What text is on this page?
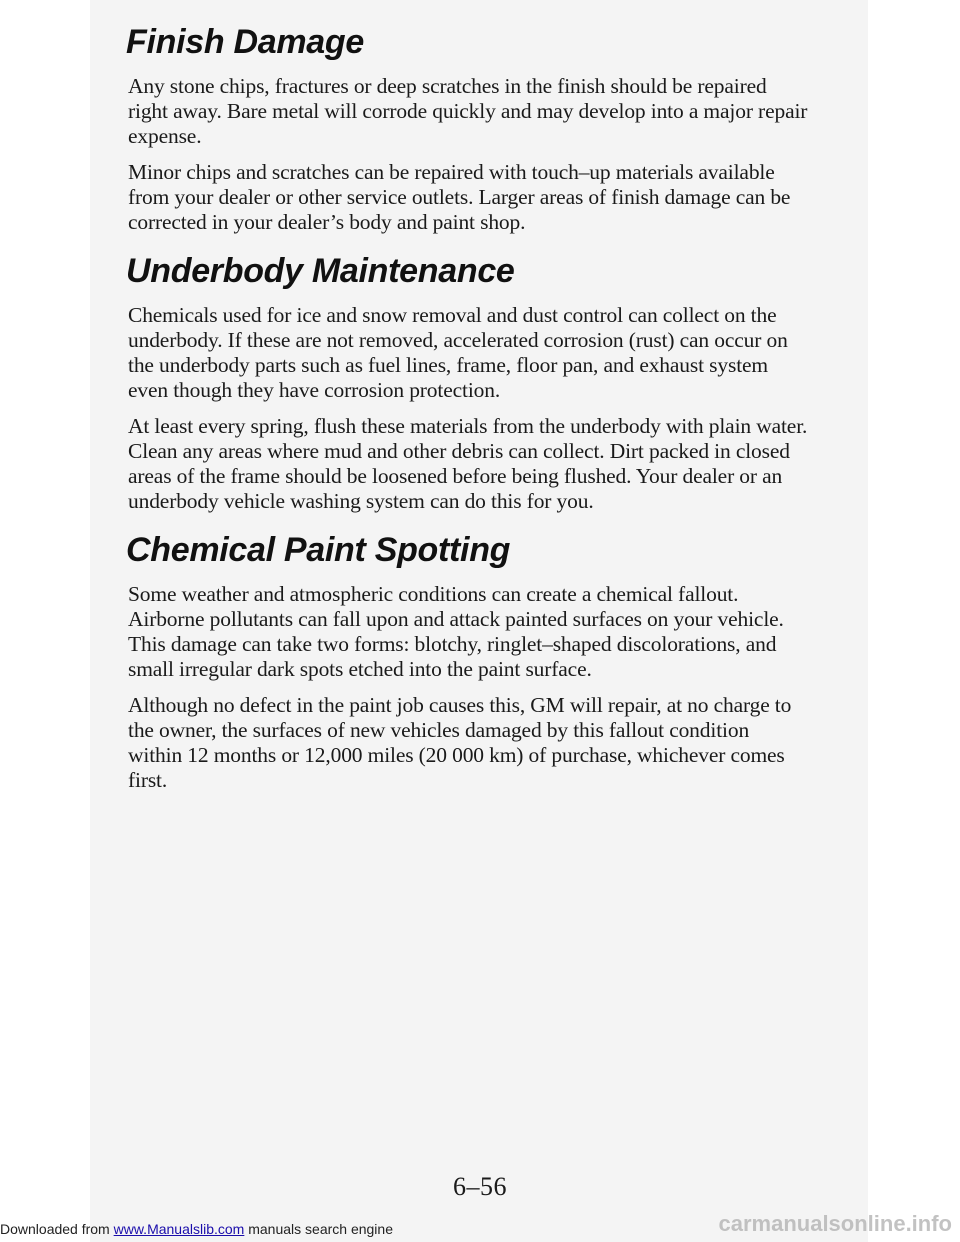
Finish Damage

Any stone chips, fractures or deep scratches in the finish should be repaired right away. Bare metal will corrode quickly and may develop into a major repair expense.

Minor chips and scratches can be repaired with touch–up materials available from your dealer or other service outlets. Larger areas of finish damage can be corrected in your dealer’s body and paint shop.

Underbody Maintenance

Chemicals used for ice and snow removal and dust control can collect on the underbody. If these are not removed, accelerated corrosion (rust) can occur on the underbody parts such as fuel lines, frame, floor pan, and exhaust system even though they have corrosion protection.

At least every spring, flush these materials from the underbody with plain water. Clean any areas where mud and other debris can collect. Dirt packed in closed areas of the frame should be loosened before being flushed. Your dealer or an underbody vehicle washing system can do this for you.

Chemical Paint Spotting

Some weather and atmospheric conditions can create a chemical fallout. Airborne pollutants can fall upon and attack painted surfaces on your vehicle. This damage can take two forms: blotchy, ringlet–shaped discolorations, and small irregular dark spots etched into the paint surface.

Although no defect in the paint job causes this, GM will repair, at no charge to the owner, the surfaces of new vehicles damaged by this fallout condition within 12 months or 12,000 miles (20 000 km) of purchase, whichever comes first.

6–56
Downloaded from www.Manualslib.com manuals search engine	carmanualsonline.info
